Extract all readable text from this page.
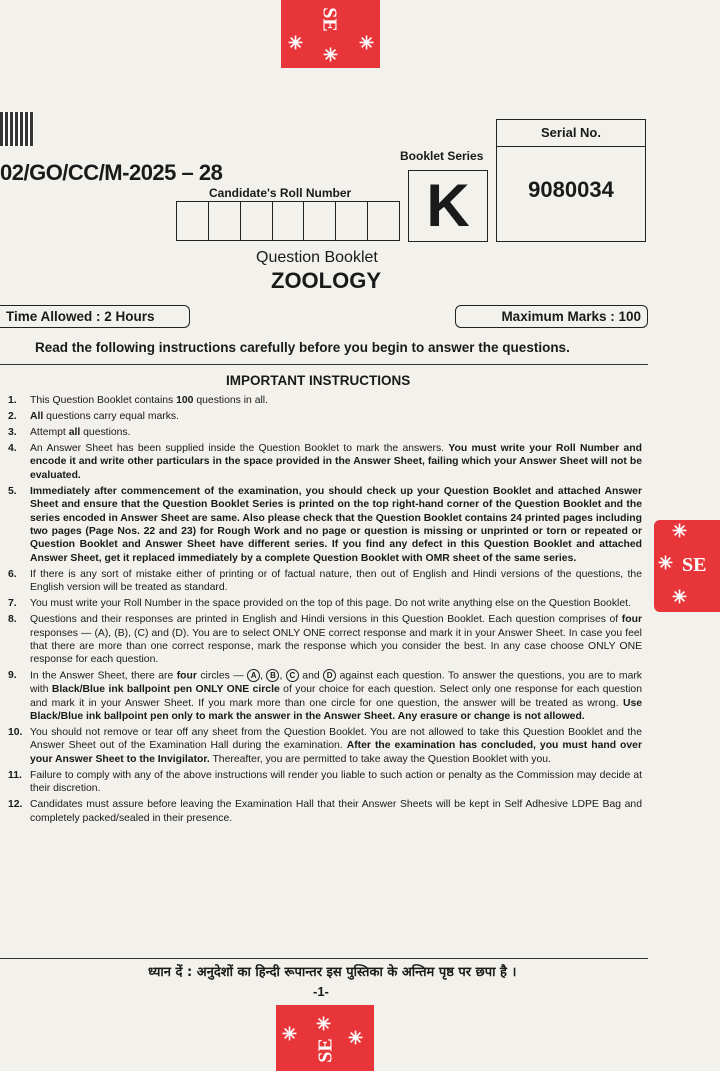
✳	✳
✳
SE
✳
✳
✳
SE
✳ ✳
✳
SE
02/GO/CC/M-2025 – 28
Booklet Series
K
Serial No.
9080034
Candidate's Roll Number
Question Booklet
ZOOLOGY
Time Allowed : 2 Hours	Maximum Marks : 100
Read the following instructions carefully before you begin to answer the questions.
IMPORTANT INSTRUCTIONS
1.	This Question Booklet contains 100 questions in all.
2.	All questions carry equal marks.
3.	Attempt all questions.
4.	An Answer Sheet has been supplied inside the Question Booklet to mark the answers. You must write your Roll Number and encode it and write other particulars in the space provided in the Answer Sheet, failing which your Answer Sheet will not be evaluated.
5.	Immediately after commencement of the examination, you should check up your Question Booklet and attached Answer Sheet and ensure that the Question Booklet Series is printed on the top right-hand corner of the Question Booklet and the series encoded in Answer Sheet are same. Also please check that the Question Booklet contains 24 printed pages including two pages (Page Nos. 22 and 23) for Rough Work and no page or question is missing or unprinted or torn or repeated or Question Booklet and Answer Sheet have different series. If you find any defect in this Question Booklet and attached Answer Sheet, get it replaced immediately by a complete Question Booklet with OMR sheet of the same series.
6.	If there is any sort of mistake either of printing or of factual nature, then out of English and Hindi versions of the questions, the English version will be treated as standard.
7.	You must write your Roll Number in the space provided on the top of this page. Do not write anything else on the Question Booklet.
8.	Questions and their responses are printed in English and Hindi versions in this Question Booklet. Each question comprises of four responses — (A), (B), (C) and (D). You are to select ONLY ONE correct response and mark it in your Answer Sheet. In case you feel that there are more than one correct response, mark the response which you consider the best. In any case choose ONLY ONE response for each question.
9.	In the Answer Sheet, there are four circles — A , B , C and D against each question. To answer the questions, you are to mark with Black/Blue ink ballpoint pen ONLY ONE circle of your choice for each question. Select only one response for each question and mark it in your Answer Sheet. If you mark more than one circle for one question, the answer will be treated as wrong. Use Black/Blue ink ballpoint pen only to mark the answer in the Answer Sheet. Any erasure or change is not allowed.
10. You should not remove or tear off any sheet from the Question Booklet. You are not allowed to take this Question Booklet and the Answer Sheet out of the Examination Hall during the examination. After the examination has concluded, you must hand over your Answer Sheet to the Invigilator. Thereafter, you are permitted to take away the Question Booklet with you.
11. Failure to comply with any of the above instructions will render you liable to such action or penalty as the Commission may decide at their discretion.
12. Candidates must assure before leaving the Examination Hall that their Answer Sheets will be kept in Self Adhesive LDPE Bag and completely packed/sealed in their presence.
ध्यान दें : अनुदेशों का हिन्दी रूपान्तर इस पुस्तिका के अन्तिम पृष्ठ पर छपा है ।
-1-
